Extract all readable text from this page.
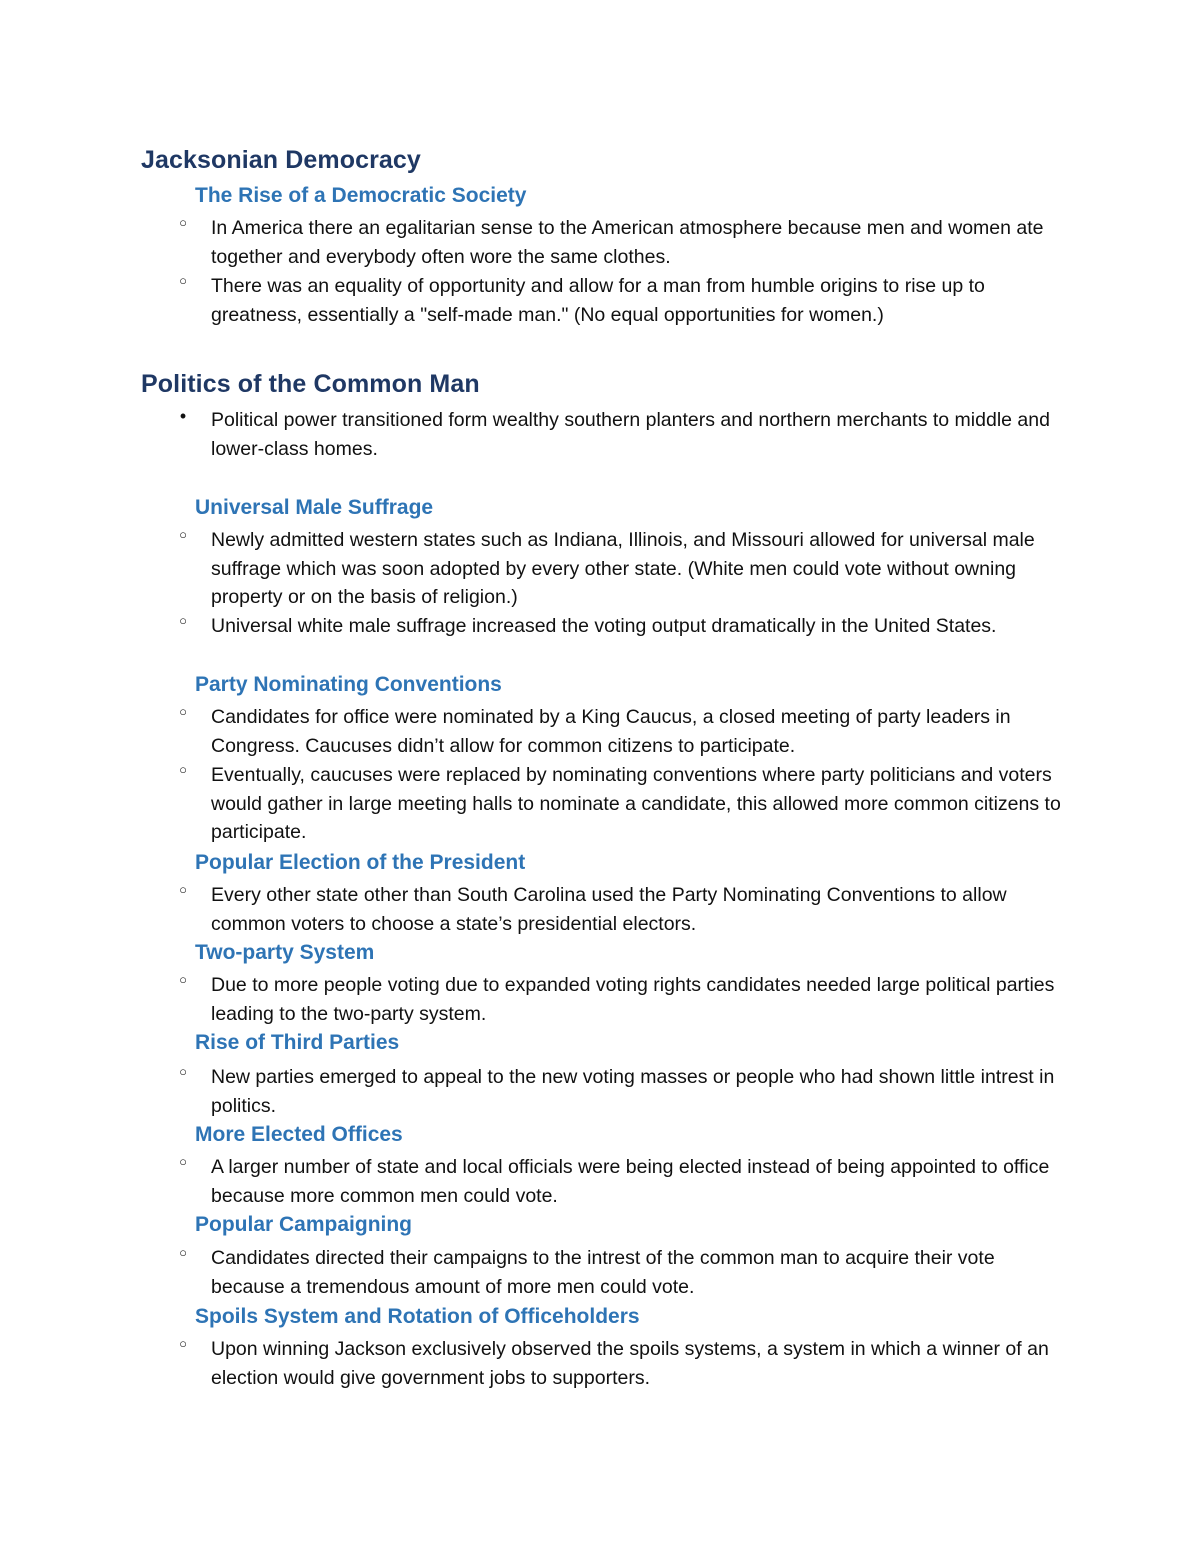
Jacksonian Democracy
The Rise of a Democratic Society
○ In America there an egalitarian sense to the American atmosphere because men and women ate together and everybody often wore the same clothes.
○ There was an equality of opportunity and allow for a man from humble origins to rise up to greatness, essentially a "self-made man." (No equal opportunities for women.)
Politics of the Common Man
• Political power transitioned form wealthy southern planters and northern merchants to middle and lower-class homes.
Universal Male Suffrage
○ Newly admitted western states such as Indiana, Illinois, and Missouri allowed for universal male suffrage which was soon adopted by every other state. (White men could vote without owning property or on the basis of religion.)
○ Universal white male suffrage increased the voting output dramatically in the United States.
Party Nominating Conventions
○ Candidates for office were nominated by a King Caucus, a closed meeting of party leaders in Congress. Caucuses didn’t allow for common citizens to participate.
○ Eventually, caucuses were replaced by nominating conventions where party politicians and voters would gather in large meeting halls to nominate a candidate, this allowed more common citizens to participate.
Popular Election of the President
○ Every other state other than South Carolina used the Party Nominating Conventions to allow common voters to choose a state’s presidential electors.
Two-party System
○ Due to more people voting due to expanded voting rights candidates needed large political parties leading to the two-party system.
Rise of Third Parties
○ New parties emerged to appeal to the new voting masses or people who had shown little intrest in politics.
More Elected Offices
○ A larger number of state and local officials were being elected instead of being appointed to office because more common men could vote.
Popular Campaigning
○ Candidates directed their campaigns to the intrest of the common man to acquire their vote because a tremendous amount of more men could vote.
Spoils System and Rotation of Officeholders
○ Upon winning Jackson exclusively observed the spoils systems, a system in which a winner of an election would give government jobs to supporters.
